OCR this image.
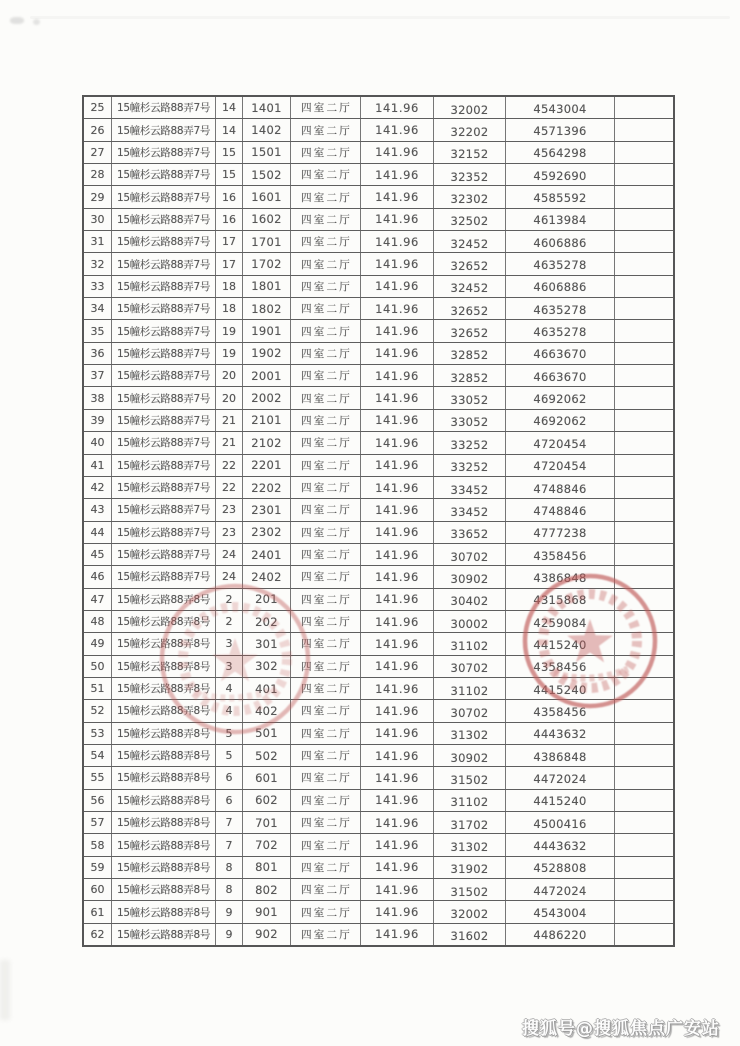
25	15幢杉云路88弄7号	14	1401	四室二厅	141.96	32002	4543004
26	15幢杉云路88弄7号	14	1402	四室二厅	141.96	32202	4571396
27	15幢杉云路88弄7号	15	1501	四室二厅	141.96	32152	4564298
28	15幢杉云路88弄7号	15	1502	四室二厅	141.96	32352	4592690
29	15幢杉云路88弄7号	16	1601	四室二厅	141.96	32302	4585592
30	15幢杉云路88弄7号	16	1602	四室二厅	141.96	32502	4613984
31	15幢杉云路88弄7号	17	1701	四室二厅	141.96	32452	4606886
32	15幢杉云路88弄7号	17	1702	四室二厅	141.96	32652	4635278
33	15幢杉云路88弄7号	18	1801	四室二厅	141.96	32452	4606886
34	15幢杉云路88弄7号	18	1802	四室二厅	141.96	32652	4635278
35	15幢杉云路88弄7号	19	1901	四室二厅	141.96	32652	4635278
36	15幢杉云路88弄7号	19	1902	四室二厅	141.96	32852	4663670
37	15幢杉云路88弄7号	20	2001	四室二厅	141.96	32852	4663670
38	15幢杉云路88弄7号	20	2002	四室二厅	141.96	33052	4692062
39	15幢杉云路88弄7号	21	2101	四室二厅	141.96	33052	4692062
40	15幢杉云路88弄7号	21	2102	四室二厅	141.96	33252	4720454
41	15幢杉云路88弄7号	22	2201	四室二厅	141.96	33252	4720454
42	15幢杉云路88弄7号	22	2202	四室二厅	141.96	33452	4748846
43	15幢杉云路88弄7号	23	2301	四室二厅	141.96	33452	4748846
44	15幢杉云路88弄7号	23	2302	四室二厅	141.96	33652	4777238
45	15幢杉云路88弄7号	24	2401	四室二厅	141.96	30702	4358456
46	15幢杉云路88弄7号	24	2402	四室二厅	141.96	30902	4386848
47	15幢杉云路88弄8号	2	201	四室二厅	141.96	30402	4315868
48	15幢杉云路88弄8号	2	202	四室二厅	141.96	30002	4259084
49	15幢杉云路88弄8号	3	301	四室二厅	141.96	31102	4415240
50	15幢杉云路88弄8号	3	302	四室二厅	141.96	30702	4358456
51	15幢杉云路88弄8号	4	401	四室二厅	141.96	31102	4415240
52	15幢杉云路88弄8号	4	402	四室二厅	141.96	30702	4358456
53	15幢杉云路88弄8号	5	501	四室二厅	141.96	31302	4443632
54	15幢杉云路88弄8号	5	502	四室二厅	141.96	30902	4386848
55	15幢杉云路88弄8号	6	601	四室二厅	141.96	31502	4472024
56	15幢杉云路88弄8号	6	602	四室二厅	141.96	31102	4415240
57	15幢杉云路88弄8号	7	701	四室二厅	141.96	31702	4500416
58	15幢杉云路88弄8号	7	702	四室二厅	141.96	31302	4443632
59	15幢杉云路88弄8号	8	801	四室二厅	141.96	31902	4528808
60	15幢杉云路88弄8号	8	802	四室二厅	141.96	31502	4472024
61	15幢杉云路88弄8号	9	901	四室二厅	141.96	32002	4543004
62	15幢杉云路88弄8号	9	902	四室二厅	141.96	31602	4486220
搜狐号@搜狐焦点广安站
